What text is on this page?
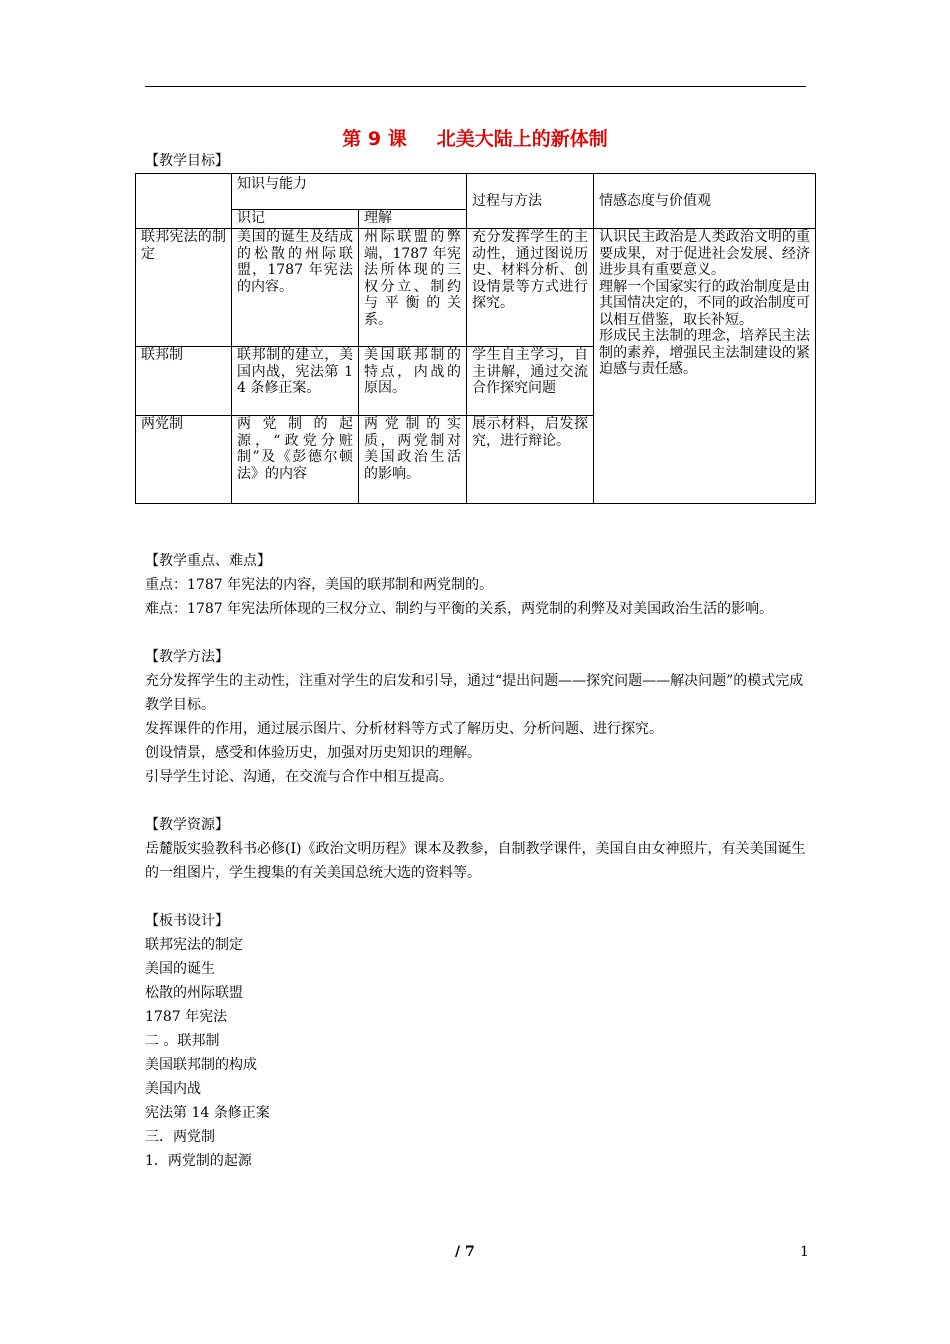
第 9 课 北美大陆上的新体制
【教学目标】
	知识与能力		过程与方法	情感态度与价值观
	识记	理解		
联邦宪法的制定	美国的诞生及结成的松散的州际联盟，1787 年宪法的内容。	州际联盟的弊端，1787 年宪法所体现的三权分立、制约与平衡的关系。	充分发挥学生的主动性，通过图说历史、材料分析、创设情景等方式进行探究。	认识民主政治是人类政治文明的重要成果，对于促进社会发展、经济进步具有重要意义。
理解一个国家实行的政治制度是由其国情决定的，不同的政治制度可以相互借鉴，取长补短。
形成民主法制的理念，培养民主法制的素养，增强民主法制建设的紧迫感与责任感。

联邦制	联邦制的建立，美国内战，宪法第 14 条修正案。	美国联邦制的特点，内战的原因。	学生自主学习，自主讲解，通过交流合作探究问题	
两党制	两党制的起源，“政党分赃制”及《彭德尔顿法》的内容	两党制的实质，两党制对美国政治生活的影响。	展示材料，启发探究，进行辩论。	

【教学重点、难点】

重点：1787 年宪法的内容，美国的联邦制和两党制的。

难点：1787 年宪法所体现的三权分立、制约与平衡的关系，两党制的利弊及对美国政治生活的影响。

【教学方法】

充分发挥学生的主动性，注重对学生的启发和引导，通过“提出问题——探究问题——解决问题”的模式完成教学目标。

发挥课件的作用，通过展示图片、分析材料等方式了解历史、分析问题、进行探究。

创设情景，感受和体验历史，加强对历史知识的理解。

引导学生讨论、沟通，在交流与合作中相互提高。

【教学资源】

岳麓版实验教科书必修(Ⅰ)《政治文明历程》课本及教参，自制教学课件，美国自由女神照片，有关美国诞生的一组图片，学生搜集的有关美国总统大选的资料等。

【板书设计】

联邦宪法的制定

美国的诞生

松散的州际联盟

1787 年宪法

二 。联邦制

美国联邦制的构成

美国内战

宪法第 14 条修正案

三．两党制

1．两党制的起源

/ 7	1
